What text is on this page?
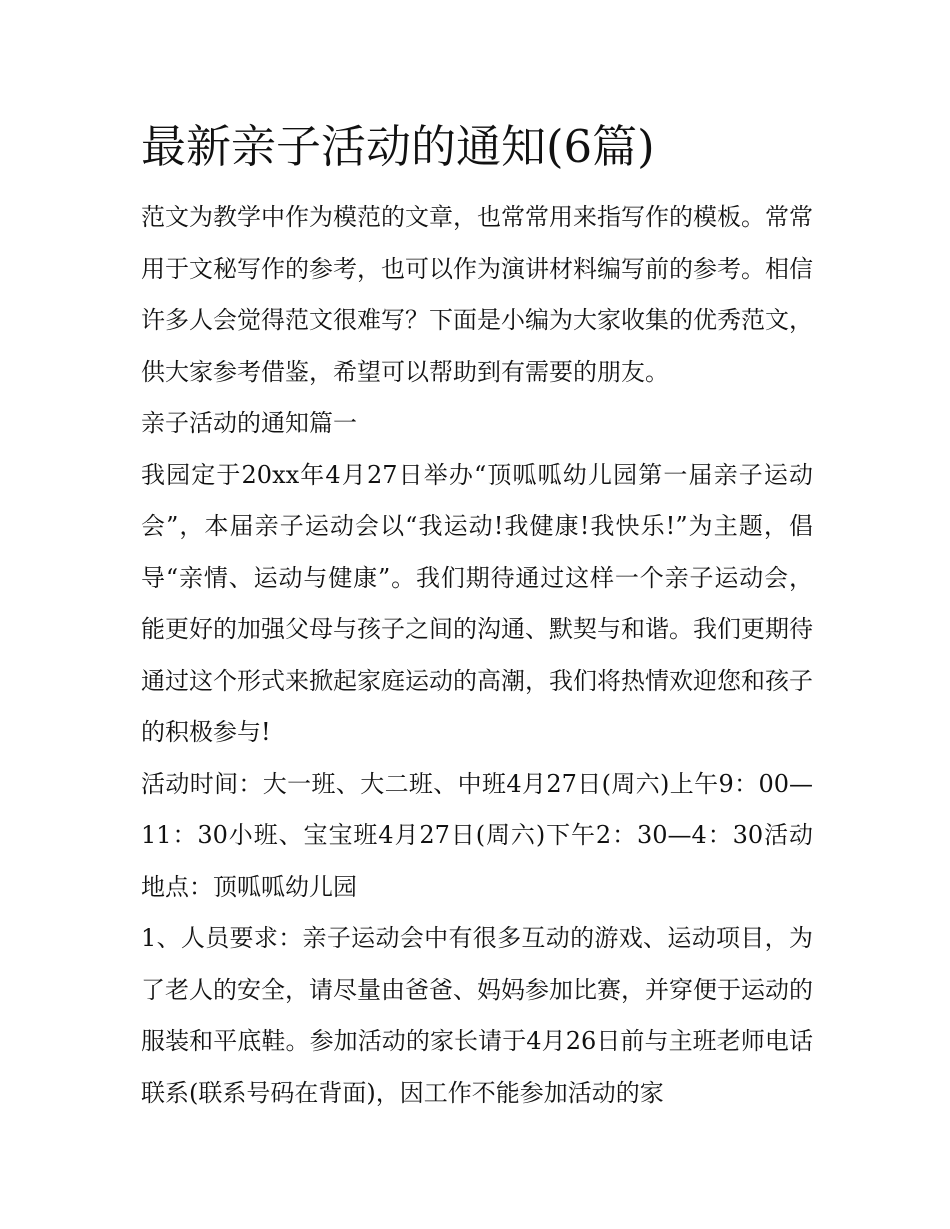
最新亲子活动的通知(6篇)

范文为教学中作为模范的文章，也常常用来指写作的模板。常常用于文秘写作的参考，也可以作为演讲材料编写前的参考。相信许多人会觉得范文很难写？下面是小编为大家收集的优秀范文，供大家参考借鉴，希望可以帮助到有需要的朋友。

亲子活动的通知篇一

我园定于20xx年4月27日举办“顶呱呱幼儿园第一届亲子运动会”，本届亲子运动会以“我运动!我健康!我快乐!”为主题，倡导“亲情、运动与健康”。我们期待通过这样一个亲子运动会，能更好的加强父母与孩子之间的沟通、默契与和谐。我们更期待通过这个形式来掀起家庭运动的高潮，我们将热情欢迎您和孩子的积极参与!

活动时间：大一班、大二班、中班4月27日(周六)上午9：00—11：30小班、宝宝班4月27日(周六)下午2：30—4：30活动地点：顶呱呱幼儿园

1、人员要求：亲子运动会中有很多互动的游戏、运动项目，为了老人的安全，请尽量由爸爸、妈妈参加比赛，并穿便于运动的服装和平底鞋。参加活动的家长请于4月26日前与主班老师电话联系(联系号码在背面)，因工作不能参加活动的家
